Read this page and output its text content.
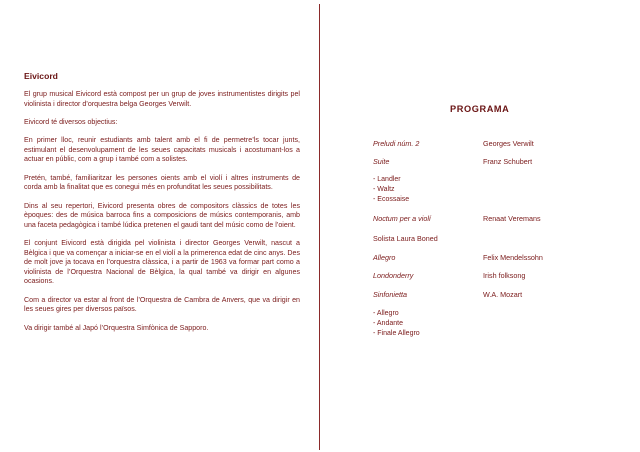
Eivicord

El grup musical Eivicord està compost per un grup de joves instrumentistes dirigits pel violinista i director d’orquestra belga Georges Verwilt.

Eivicord té diversos objectius:

En primer lloc, reunir estudiants amb talent amb el fi de permetre’ls tocar junts, estimulant el desenvolupament de les seues capacitats musicals i acostumant-los a actuar en públic, com a grup i també com a solistes.

Pretén, també, familiaritzar les persones oients amb el violí i altres instruments de corda amb la finalitat que es conegui més en profunditat les seues possibilitats.

Dins al seu repertori, Eivicord presenta obres de compositors clàssics de totes les èpoques: des de música barroca fins a composicions de músics contemporanis, amb una faceta pedagògica i també lúdica pretenen el gaudi tant del músic como de l’oient.

El conjunt Eivicord està dirigida pel violinista i director Georges Verwilt, nascut a Bèlgica i que va començar a iniciar-se en el violí a la primerenca edat de cinc anys. Des de molt jove ja tocava en l’orquestra clàssica, i a partir de 1963 va formar part como a violinista de l’Orquestra Nacional de Bèlgica, la qual també va dirigir en algunes ocasions.

Com a director va estar al front de l’Orquestra de Cambra de Anvers, que va dirigir en les seues gires per diversos països.

Va dirigir també al Japó l’Orquestra Simfònica de Sapporo.

PROGRAMA
Preludi núm. 2	Georges Verwilt
Suite	Franz Schubert
- Landler
- Waltz
- Ecossaise
Noctum per a violí	Renaat Veremans
Solista Laura Boned
Allegro	Felix Mendelssohn
Londonderry	Irish folksong
Sinfonietta	W.A. Mozart
- Allegro
- Andante
- Finale Allegro
